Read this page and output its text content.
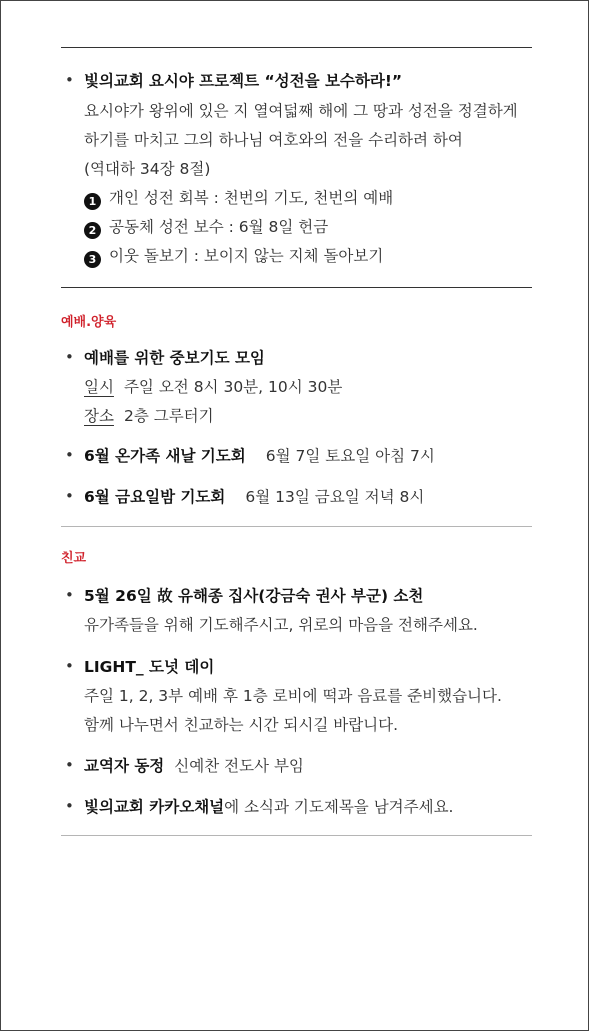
• 빛의교회 요시야 프로젝트 “성전을 보수하라!”
요시야가 왕위에 있은 지 열여덟째 해에 그 땅과 성전을 정결하게
하기를 마치고 그의 하나님 여호와의 전을 수리하려 하여
(역대하 34장 8절)
1 개인 성전 회복 : 천번의 기도, 천번의 예배
2 공동체 성전 보수 : 6월 8일 헌금
3 이웃 돌보기 : 보이지 않는 지체 돌아보기
예배.양육
• 예배를 위한 중보기도 모임
일시 주일 오전 8시 30분, 10시 30분
장소 2층 그루터기
• 6월 온가족 새날 기도회 6월 7일 토요일 아침 7시
• 6월 금요일밤 기도회 6월 13일 금요일 저녁 8시
친교
• 5월 26일 故 유해종 집사(강금숙 권사 부군) 소천
유가족들을 위해 기도해주시고, 위로의 마음을 전해주세요.
• LIGHT_ 도넛 데이
주일 1, 2, 3부 예배 후 1층 로비에 떡과 음료를 준비했습니다.
함께 나누면서 친교하는 시간 되시길 바랍니다.
• 교역자 동정 신예찬 전도사 부임
• 빛의교회 카카오채널에 소식과 기도제목을 남겨주세요.
